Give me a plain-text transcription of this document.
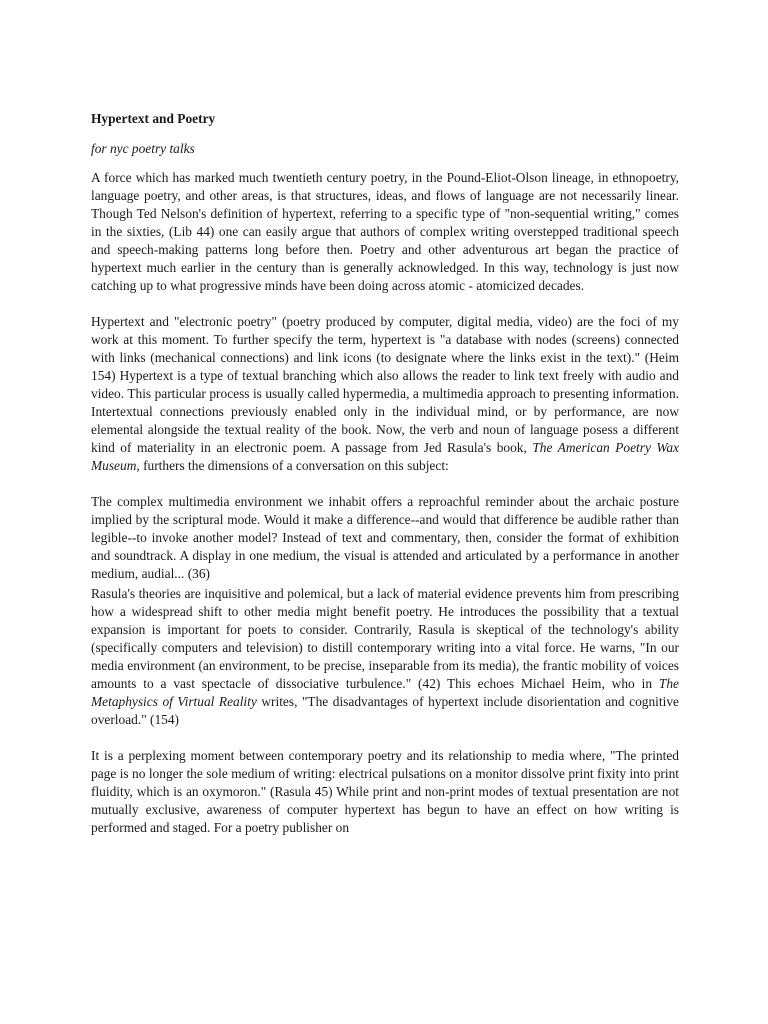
Hypertext and Poetry
for nyc poetry talks

A force which has marked much twentieth century poetry, in the Pound-Eliot-Olson lineage, in ethnopoetry, language poetry, and other areas, is that structures, ideas, and flows of language are not necessarily linear. Though Ted Nelson's definition of hypertext, referring to a specific type of "non-sequential writing," comes in the sixties, (Lib 44) one can easily argue that authors of complex writing overstepped traditional speech and speech-making patterns long before then. Poetry and other adventurous art began the practice of hypertext much earlier in the century than is generally acknowledged. In this way, technology is just now catching up to what progressive minds have been doing across atomic - atomicized decades.

Hypertext and "electronic poetry" (poetry produced by computer, digital media, video) are the foci of my work at this moment. To further specify the term, hypertext is "a database with nodes (screens) connected with links (mechanical connections) and link icons (to designate where the links exist in the text)." (Heim 154) Hypertext is a type of textual branching which also allows the reader to link text freely with audio and video. This particular process is usually called hypermedia, a multimedia approach to presenting information. Intertextual connections previously enabled only in the individual mind, or by performance, are now elemental alongside the textual reality of the book. Now, the verb and noun of language posess a different kind of materiality in an electronic poem. A passage from Jed Rasula's book, The American Poetry Wax Museum, furthers the dimensions of a conversation on this subject:

The complex multimedia environment we inhabit offers a reproachful reminder about the archaic posture implied by the scriptural mode. Would it make a difference--and would that difference be audible rather than legible--to invoke another model? Instead of text and commentary, then, consider the format of exhibition and soundtrack. A display in one medium, the visual is attended and articulated by a performance in another medium, audial... (36)

Rasula's theories are inquisitive and polemical, but a lack of material evidence prevents him from prescribing how a widespread shift to other media might benefit poetry. He introduces the possibility that a textual expansion is important for poets to consider. Contrarily, Rasula is skeptical of the technology's ability (specifically computers and television) to distill contemporary writing into a vital force. He warns, "In our media environment (an environment, to be precise, inseparable from its media), the frantic mobility of voices amounts to a vast spectacle of dissociative turbulence." (42) This echoes Michael Heim, who in The Metaphysics of Virtual Reality writes, "The disadvantages of hypertext include disorientation and cognitive overload." (154)

It is a perplexing moment between contemporary poetry and its relationship to media where, "The printed page is no longer the sole medium of writing: electrical pulsations on a monitor dissolve print fixity into print fluidity, which is an oxymoron." (Rasula 45) While print and non-print modes of textual presentation are not mutually exclusive, awareness of computer hypertext has begun to have an effect on how writing is performed and staged. For a poetry publisher on
